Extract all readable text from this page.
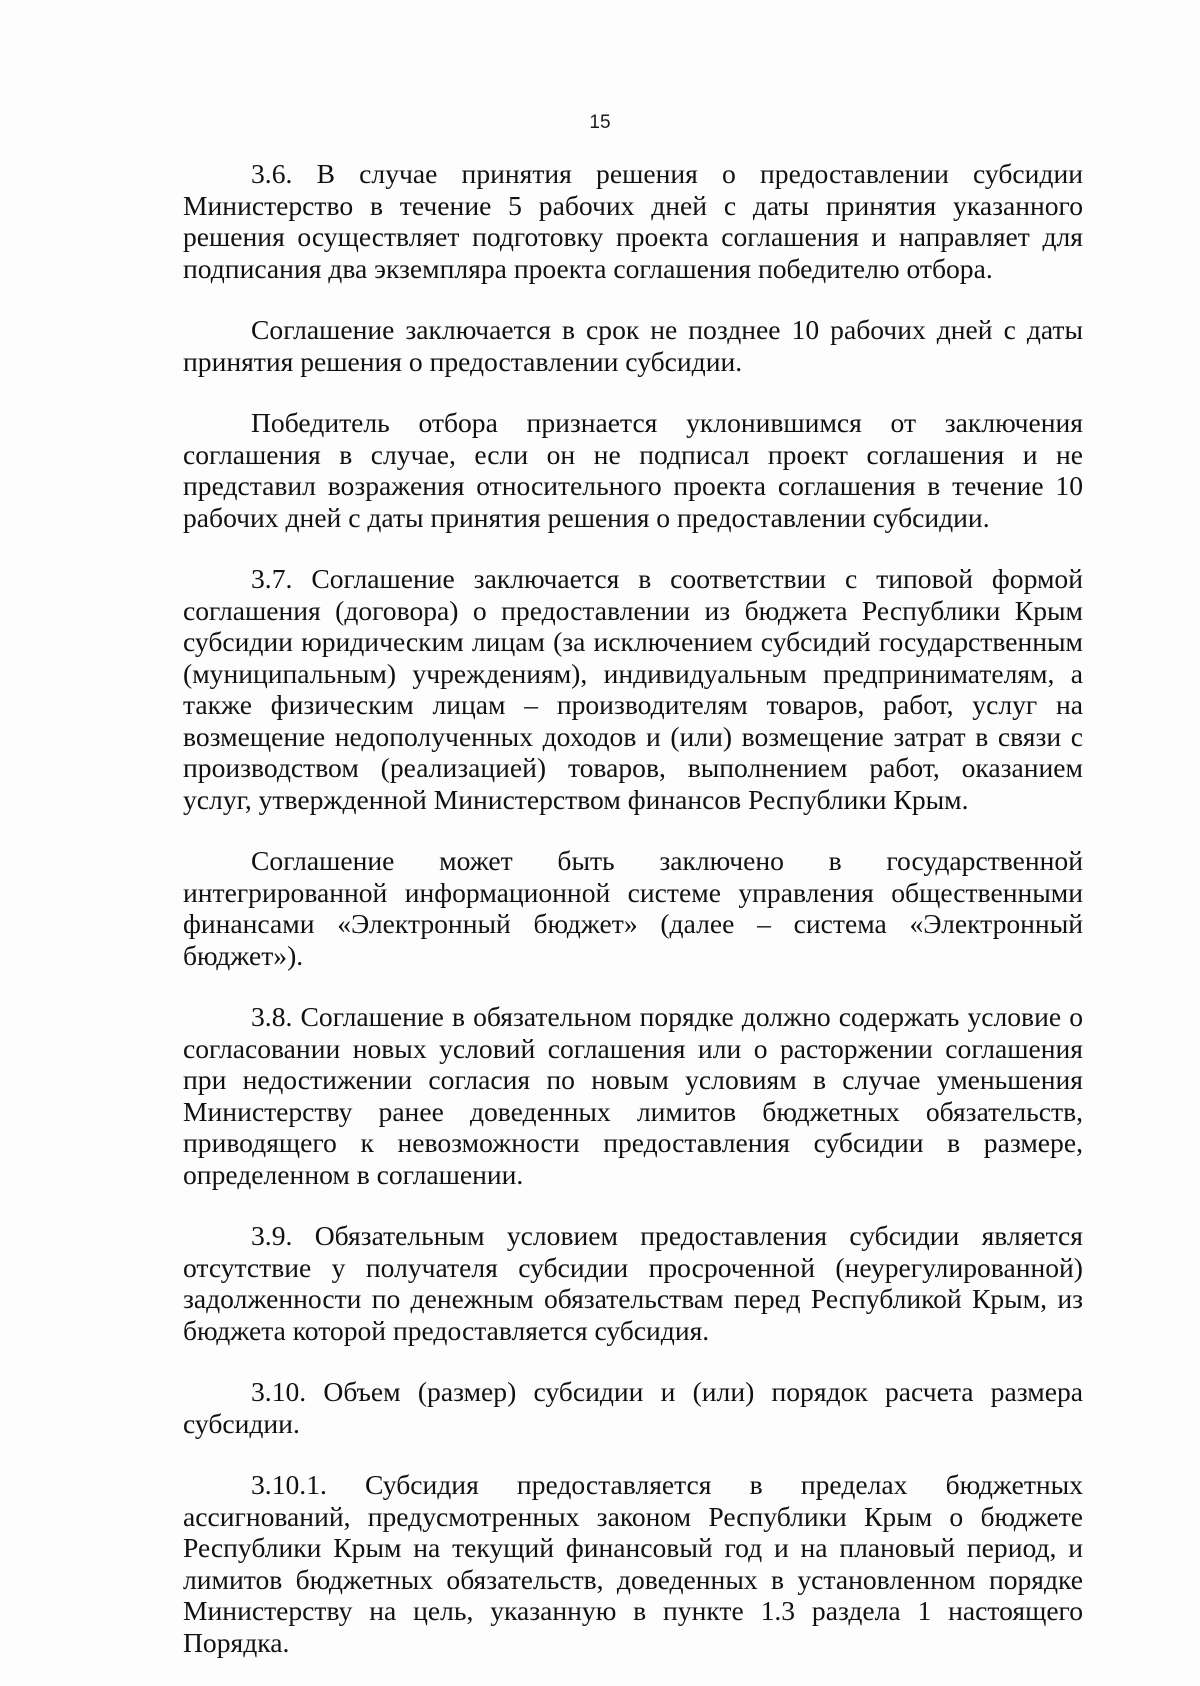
15

3.6. В случае принятия решения о предоставлении субсидии Министерство в течение 5 рабочих дней с даты принятия указанного решения осуществляет подготовку проекта соглашения и направляет для подписания два экземпляра проекта соглашения победителю отбора.

Соглашение заключается в срок не позднее 10 рабочих дней с даты принятия решения о предоставлении субсидии.

Победитель отбора признается уклонившимся от заключения соглашения в случае, если он не подписал проект соглашения и не представил возражения относительного проекта соглашения в течение 10 рабочих дней с даты принятия решения о предоставлении субсидии.

3.7. Соглашение заключается в соответствии с типовой формой соглашения (договора) о предоставлении из бюджета Республики Крым субсидии юридическим лицам (за исключением субсидий государственным (муниципальным) учреждениям), индивидуальным предпринимателям, а также физическим лицам – производителям товаров, работ, услуг на возмещение недополученных доходов и (или) возмещение затрат в связи с производством (реализацией) товаров, выполнением работ, оказанием услуг, утвержденной Министерством финансов Республики Крым.

Соглашение может быть заключено в государственной интегрированной информационной системе управления общественными финансами «Электронный бюджет» (далее – система «Электронный бюджет»).

3.8. Соглашение в обязательном порядке должно содержать условие о согласовании новых условий соглашения или о расторжении соглашения при недостижении согласия по новым условиям в случае уменьшения Министерству ранее доведенных лимитов бюджетных обязательств, приводящего к невозможности предоставления субсидии в размере, определенном в соглашении.

3.9. Обязательным условием предоставления субсидии является отсутствие у получателя субсидии просроченной (неурегулированной) задолженности по денежным обязательствам перед Республикой Крым, из бюджета которой предоставляется субсидия.

3.10. Объем (размер) субсидии и (или) порядок расчета размера субсидии.

3.10.1. Субсидия предоставляется в пределах бюджетных ассигнований, предусмотренных законом Республики Крым о бюджете Республики Крым на текущий финансовый год и на плановый период, и лимитов бюджетных обязательств, доведенных в установленном порядке Министерству на цель, указанную в пункте 1.3 раздела 1 настоящего Порядка.
